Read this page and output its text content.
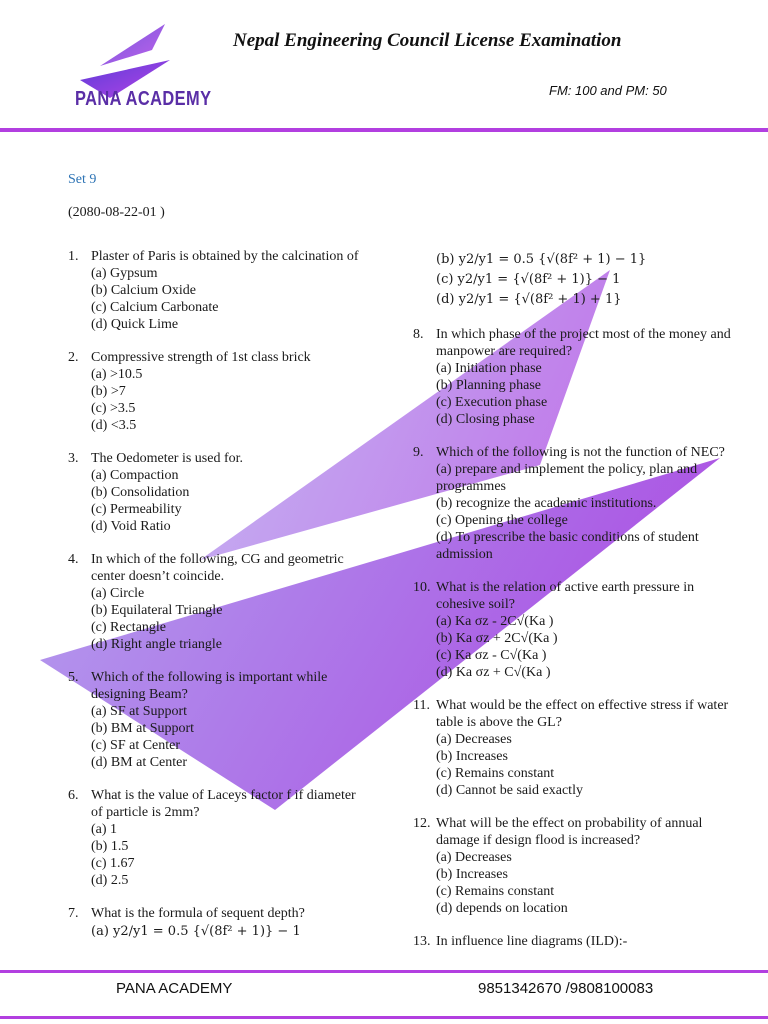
PANA ACADEMY
Nepal Engineering Council License Examination
FM: 100 and PM: 50
Set 9
(2080-08-22-01 )
1. Plaster of Paris is obtained by the calcination of
(a) Gypsum
(b) Calcium Oxide
(c) Calcium Carbonate
(d) Quick Lime
2. Compressive strength of 1st class brick
(a) >10.5
(b) >7
(c) >3.5
(d) <3.5
3. The Oedometer is used for.
(a) Compaction
(b) Consolidation
(c) Permeability
(d) Void Ratio
4. In which of the following, CG and geometric center doesn’t coincide.
(a) Circle
(b) Equilateral Triangle
(c) Rectangle
(d) Right angle triangle
5. Which of the following is important while designing Beam?
(a) SF at Support
(b) BM at Support
(c) SF at Center
(d) BM at Center
6. What is the value of Laceys factor f if diameter of particle is 2mm?
(a) 1
(b) 1.5
(c) 1.67
(d) 2.5
7. What is the formula of sequent depth?
(a) y2/y1 = 0.5 {√(8f² + 1)} − 1
(b) y2/y1 = 0.5 {√(8f² + 1) − 1}
(c) y2/y1 = {√(8f² + 1)} − 1
(d) y2/y1 = {√(8f² + 1) + 1}
8. In which phase of the project most of the money and manpower are required?
(a) Initiation phase
(b) Planning phase
(c) Execution phase
(d) Closing phase
9. Which of the following is not the function of NEC?
(a) prepare and implement the policy, plan and programmes
(b) recognize the academic institutions.
(c) Opening the college
(d) To prescribe the basic conditions of student admission
10. What is the relation of active earth pressure in cohesive soil?
(a) Ka σz - 2C√(Ka )
(b) Ka σz + 2C√(Ka )
(c) Ka σz - C√(Ka )
(d) Ka σz + C√(Ka )
11. What would be the effect on effective stress if water table is above the GL?
(a) Decreases
(b) Increases
(c) Remains constant
(d) Cannot be said exactly
12. What will be the effect on probability of annual damage if design flood is increased?
(a) Decreases
(b) Increases
(c) Remains constant
(d) depends on location
13. In influence line diagrams (ILD):-
PANA ACADEMY	9851342670 /9808100083
